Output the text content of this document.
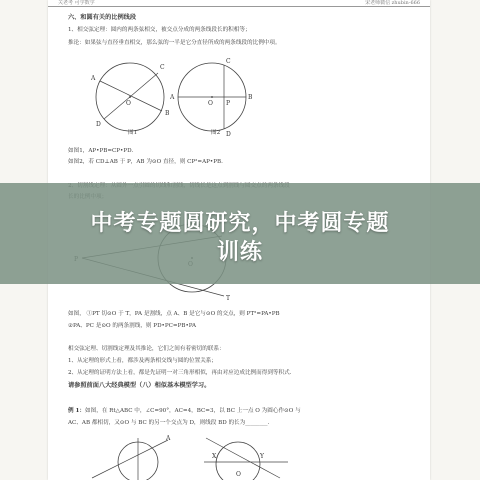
关老考 可学数学	宋老师微信 zhubin-666
六、和圆有关的比例线段
1、相交弦定理：圆内的两条弦相交，被交点分成的两条线段长的积相等；
推论：如果弦与直径垂直相交，那么弦的一半是它分直径所成的两条线段的比例中项。
A
B
C
D
O
图1
A	B
C
D
O P
图2
如图1，AP•PB=CP•PD.
如图2，若 CD⊥AB 于 P，AB 为⊙O 直径，则 CP²=AP•PB.
T
如图， ①PT 切⊙O 于 T，PA 是割线，点 A、B 是它与⊙O 的交点，则 PT²=PA•PB
②PA、PC 是⊙O 的两条割线，则 PD•PC=PB•PA
相交弦定理、切割线定理及其推论，它们之间有着密切的联系：
1、从定理的形式上看，都涉及两条相交线与圆的位置关系；
2、从定理的证明方法上看，都是先证明一对三角形相似，再由对应边成比例而得到等积式.
请参照前面八大经典模型（八）相似基本模型学习。
例 1：如图，在 Rt△ABC 中，∠C=90°，AC=4，BC=3，以 BC 上一点 O 为圆心作⊙O 与
AC、AB 都相切，又⊙O 与 BC 的另一个交点为 D，则线段 BD 的长为________.
A
X	Y
O
中考专题圆研究，中考圆专题
训练
